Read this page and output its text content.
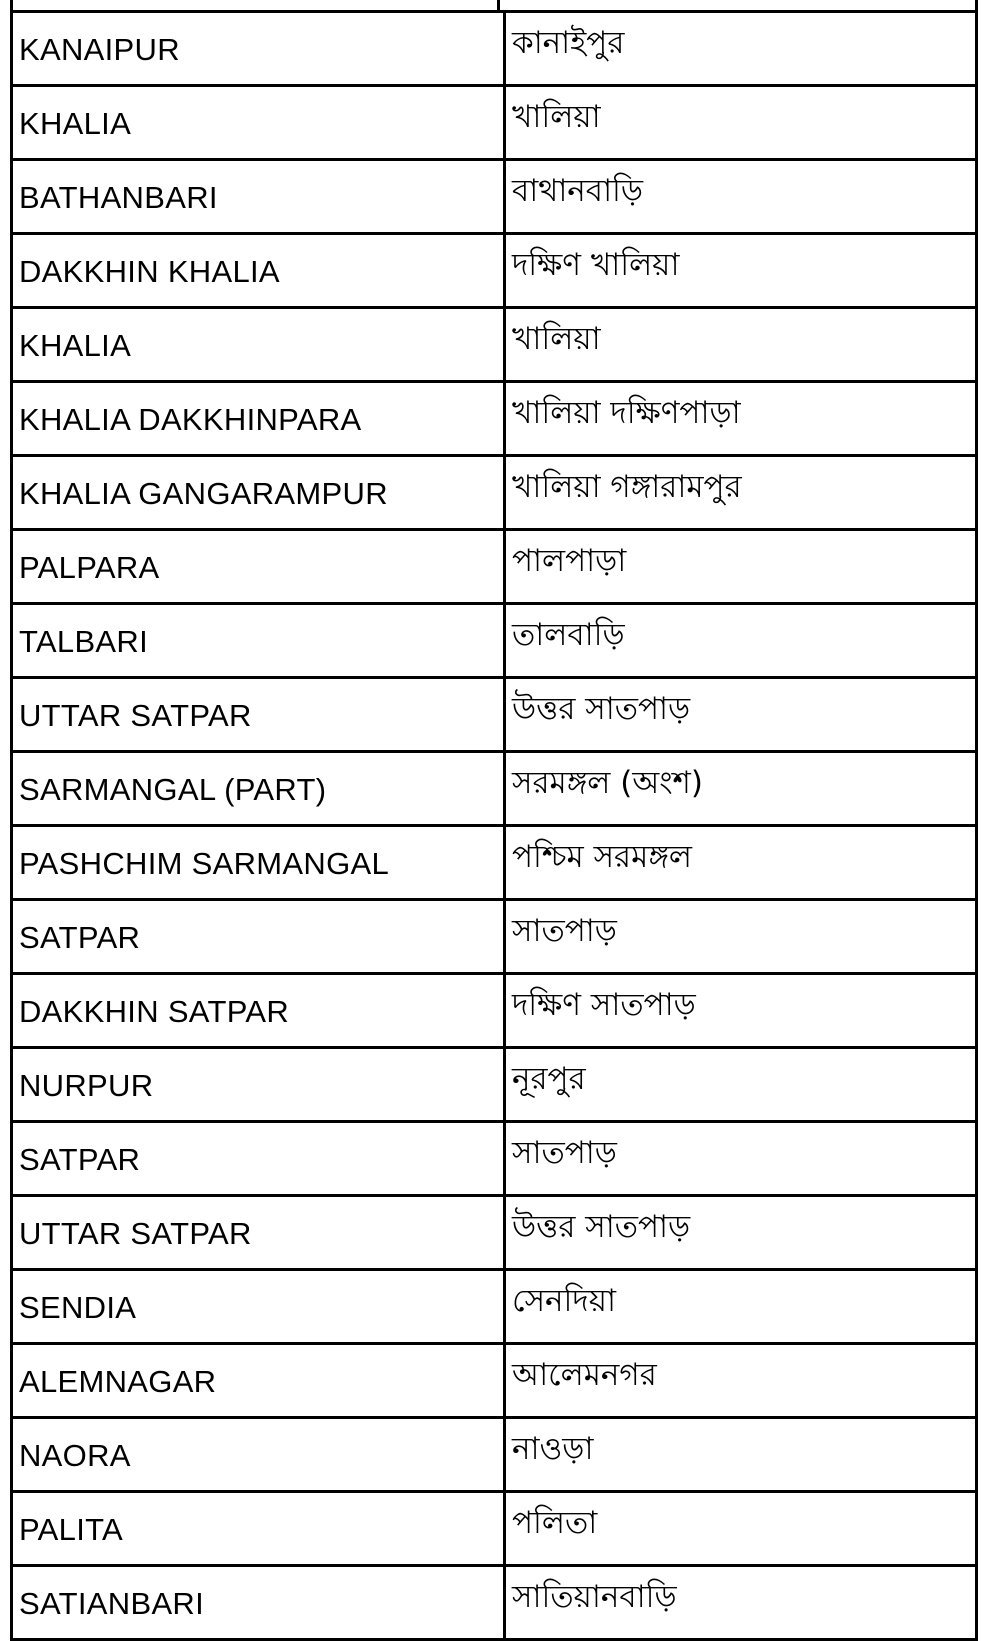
KANAIPUR	কানাইপুর
KHALIA	খালিয়া
BATHANBARI	বাথানবাড়ি
DAKKHIN KHALIA	দক্ষিণ খালিয়া
KHALIA	খালিয়া
KHALIA DAKKHINPARA	খালিয়া দক্ষিণপাড়া
KHALIA GANGARAMPUR	খালিয়া গঙ্গারামপুর
PALPARA	পালপাড়া
TALBARI	তালবাড়ি
UTTAR SATPAR	উত্তর সাতপাড়
SARMANGAL (PART)	সরমঙ্গল (অংশ)
PASHCHIM SARMANGAL	পশ্চিম সরমঙ্গল
SATPAR	সাতপাড়
DAKKHIN SATPAR	দক্ষিণ সাতপাড়
NURPUR	নূরপুর
SATPAR	সাতপাড়
UTTAR SATPAR	উত্তর সাতপাড়
SENDIA	সেনদিয়া
ALEMNAGAR	আলেমনগর
NAORA	নাওড়া
PALITA	পলিতা
SATIANBARI	সাতিয়ানবাড়ি
